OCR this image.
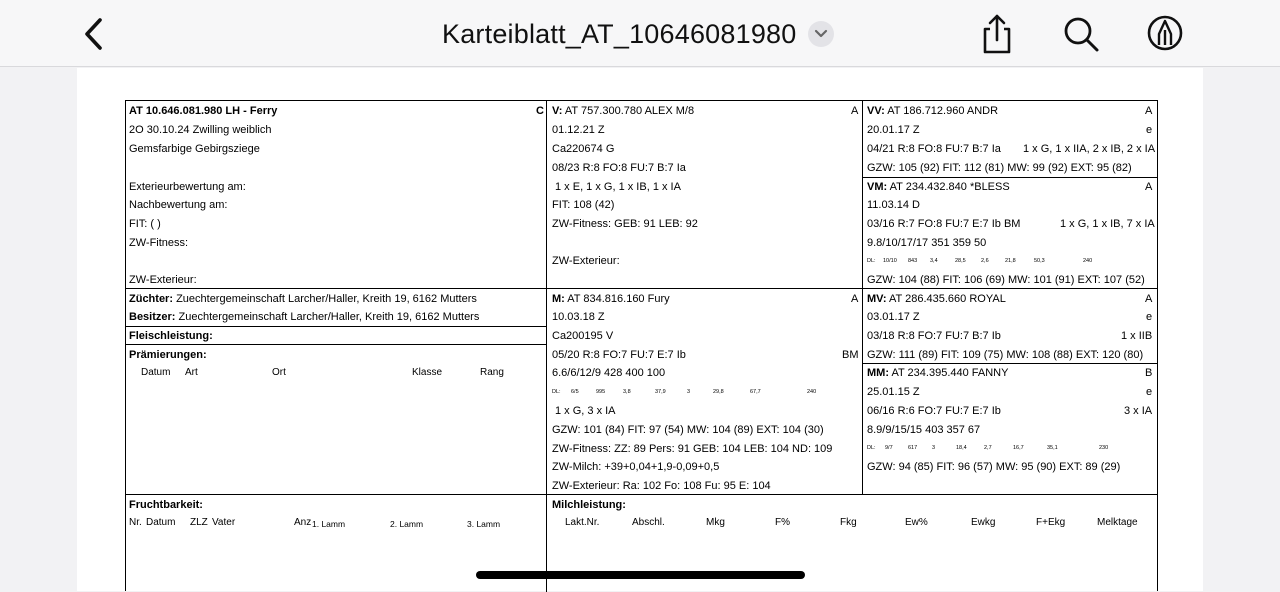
Karteiblatt_AT_10646081980
AT 10.646.081.980 LH - Ferry	C
2O 30.10.24 Zwilling weiblich
Gemsfarbige Gebirgsziege
Exterieurbewertung am:
Nachbewertung am:
FIT: ( )
ZW-Fitness:
ZW-Exterieur:
Züchter: Zuechtergemeinschaft Larcher/Haller, Kreith 19, 6162 Mutters
Besitzer: Zuechtergemeinschaft Larcher/Haller, Kreith 19, 6162 Mutters
Fleischleistung:
Prämierungen:
Datum Art	Ort	Klasse	Rang
V: AT 757.300.780 ALEX M/8	A
01.12.21 Z
Ca220674 G
08/23 R:8 FO:8 FU:7 B:7 Ia
1 x E, 1 x G, 1 x IB, 1 x IA
FIT: 108 (42)
ZW-Fitness: GEB: 91 LEB: 92
ZW-Exterieur:
VV: AT 186.712.960 ANDR	A
20.01.17 Z	e
04/21 R:8 FO:8 FU:7 B:7 Ia 1 x G, 1 x IIA, 2 x IB, 2 x IA
GZW: 105 (92) FIT: 112 (81) MW: 99 (92) EXT: 95 (82)
VM: AT 234.432.840 *BLESS	A
11.03.14 D
03/16 R:7 FO:8 FU:7 E:7 Ib BM	1 x G, 1 x IB, 7 x IA
9.8/10/17/17 351 359 50
DL: 10/10 843 3,4	28,5	2,6	21,8	50,3	240
GZW: 104 (88) FIT: 106 (69) MW: 101 (91) EXT: 107 (52)
M: AT 834.816.160 Fury	A
10.03.18 Z
Ca200195 V
05/20 R:8 FO:7 FU:7 E:7 Ib	BM
6.6/6/12/9 428 400 100
DL: 6/5	995	3,8	37,9	3	29,8	67,7	240
1 x G, 3 x IA
GZW: 101 (84) FIT: 97 (54) MW: 104 (89) EXT: 104 (30)
ZW-Fitness: ZZ: 89 Pers: 91 GEB: 104 LEB: 104 ND: 109
ZW-Milch: +39+0,04+1,9-0,09+0,5
ZW-Exterieur: Ra: 102 Fo: 108 Fu: 95 E: 104
MV: AT 286.435.660 ROYAL	A
03.01.17 Z	e
03/18 R:8 FO:7 FU:7 B:7 Ib	1 x IIB
GZW: 111 (89) FIT: 109 (75) MW: 108 (88) EXT: 120 (80)
MM: AT 234.395.440 FANNY	B
25.01.15 Z	e
06/16 R:6 FO:7 FU:7 E:7 Ib	3 x IA
8.9/9/15/15 403 357 67
DL: 9/7	617	3	18,4	2,7	16,7	35,1	230
GZW: 94 (85) FIT: 96 (57) MW: 95 (90) EXT: 89 (29)
Fruchtbarkeit:
Nr. Datum ZLZ Vater	Anz 1. Lamm	2. Lamm	3. Lamm
Milchleistung:
Lakt.Nr.	Abschl.	Mkg	F%	Fkg	Ew%	Ewkg	F+Ekg	Melktage
